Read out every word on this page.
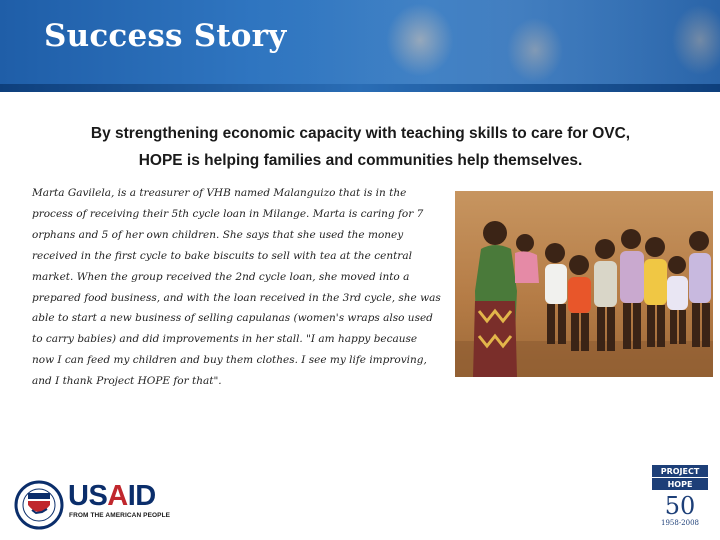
Success Story

By strengthening economic capacity with teaching skills to care for OVC,
HOPE is helping families and communities help themselves.

Marta Gavilela, is a treasurer of VHB named Malanguizo that is in the
process of receiving their 5th cycle loan in Milange. Marta is caring for 7
orphans and 5 of her own children. She says that she used the money
received in the first cycle to bake biscuits to sell with tea at the central
market. When the group received the 2nd cycle loan, she moved into a
prepared food business, and with the loan received in the 3rd cycle, she was
able to start a new business of selling capulanas (women's wraps also used
to carry babies) and did improvements in her stall. "I am happy because
now I can feed my children and buy them clothes. I see my life improving,
and I thank Project HOPE for that".

USAID
FROM THE AMERICAN PEOPLE
PROJECT
HOPE
50
1958-2008
